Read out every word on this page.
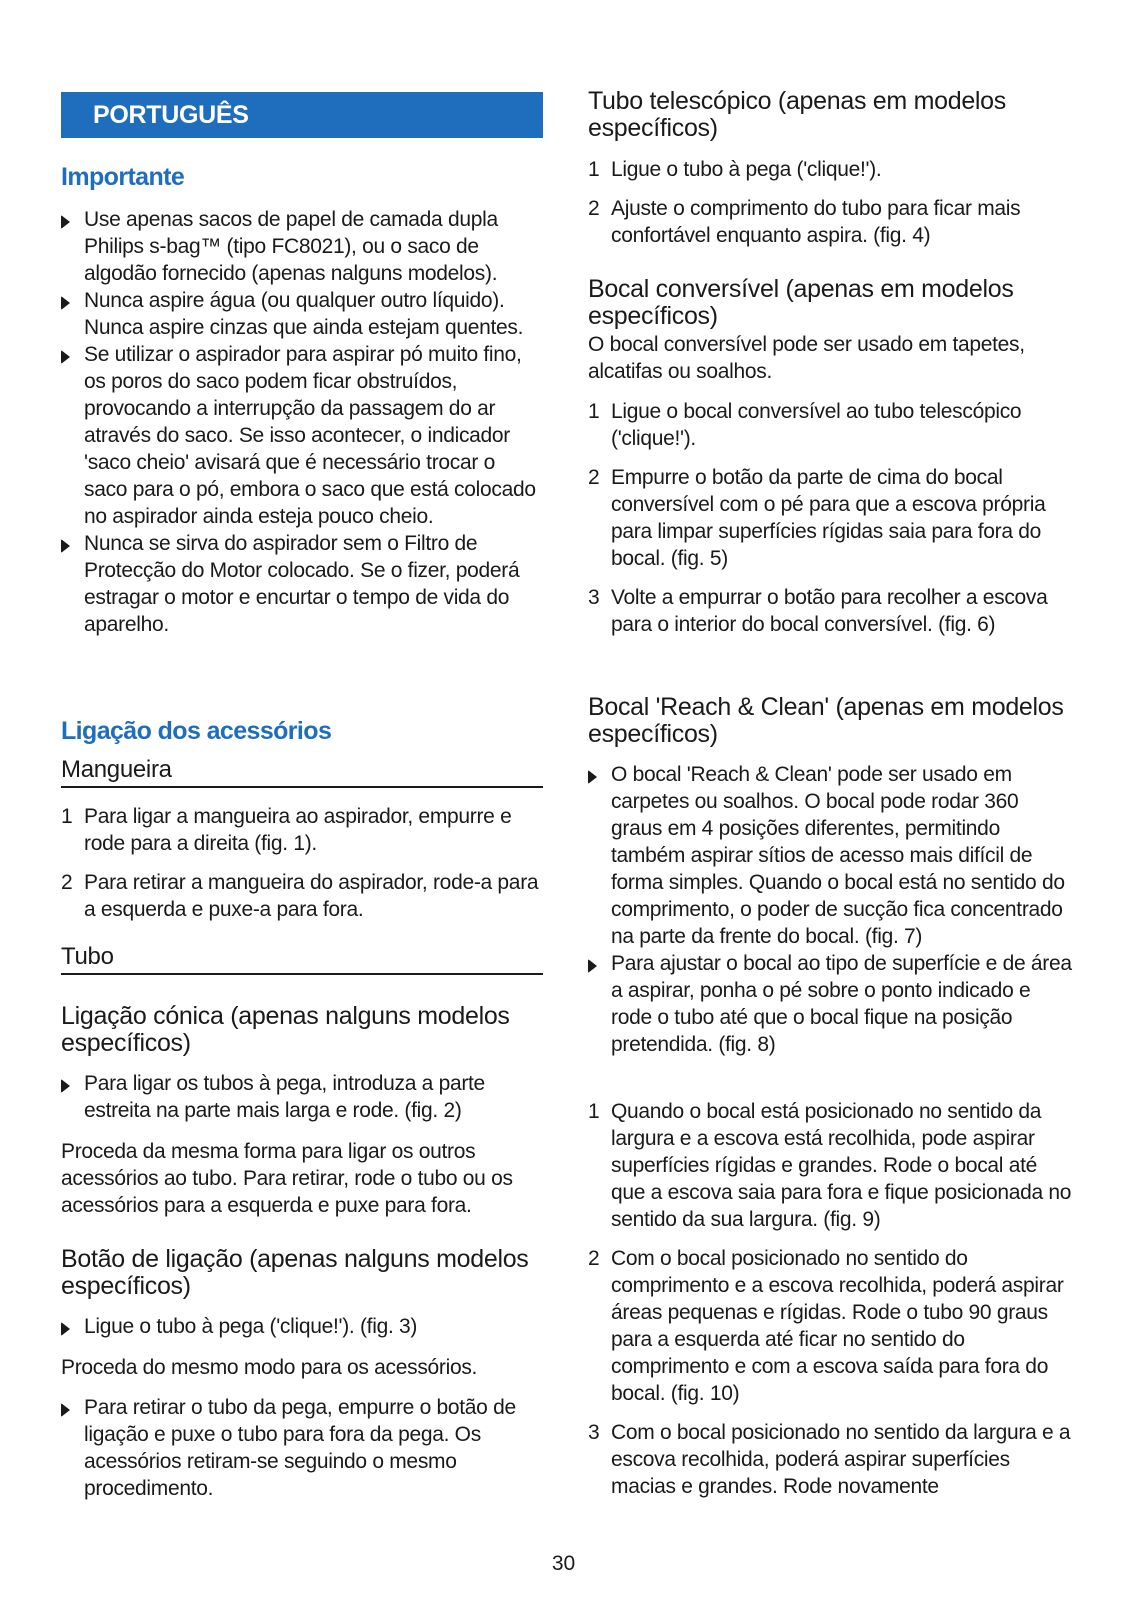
PORTUGUÊS
Importante
Use apenas sacos de papel de camada dupla Philips s-bag™ (tipo FC8021), ou o saco de algodão fornecido (apenas nalguns modelos).
Nunca aspire água (ou qualquer outro líquido). Nunca aspire cinzas que ainda estejam quentes.
Se utilizar o aspirador para aspirar pó muito fino, os poros do saco podem ficar obstruídos, provocando a interrupção da passagem do ar através do saco. Se isso acontecer, o indicador 'saco cheio' avisará que é necessário trocar o saco para o pó, embora o saco que está colocado no aspirador ainda esteja pouco cheio.
Nunca se sirva do aspirador sem o Filtro de Protecção do Motor colocado. Se o fizer, poderá estragar o motor e encurtar o tempo de vida do aparelho.
Ligação dos acessórios
Mangueira
1 Para ligar a mangueira ao aspirador, empurre e rode para a direita (fig. 1).
2 Para retirar a mangueira do aspirador, rode-a para a esquerda e puxe-a para fora.
Tubo
Ligação cónica (apenas nalguns modelos específicos)
Para ligar os tubos à pega, introduza a parte estreita na parte mais larga e rode. (fig. 2)
Proceda da mesma forma para ligar os outros acessórios ao tubo. Para retirar, rode o tubo ou os acessórios para a esquerda e puxe para fora.
Botão de ligação (apenas nalguns modelos específicos)
Ligue o tubo à pega ('clique!'). (fig. 3)
Proceda do mesmo modo para os acessórios.
Para retirar o tubo da pega, empurre o botão de ligação e puxe o tubo para fora da pega. Os acessórios retiram-se seguindo o mesmo procedimento.
Tubo telescópico (apenas em modelos específicos)
1 Ligue o tubo à pega ('clique!').
2 Ajuste o comprimento do tubo para ficar mais confortável enquanto aspira. (fig. 4)
Bocal conversível (apenas em modelos específicos)
O bocal conversível pode ser usado em tapetes, alcatifas ou soalhos.
1 Ligue o bocal conversível ao tubo telescópico ('clique!').
2 Empurre o botão da parte de cima do bocal conversível com o pé para que a escova própria para limpar superfícies rígidas saia para fora do bocal. (fig. 5)
3 Volte a empurrar o botão para recolher a escova para o interior do bocal conversível. (fig. 6)
Bocal 'Reach & Clean' (apenas em modelos específicos)
O bocal 'Reach & Clean' pode ser usado em carpetes ou soalhos. O bocal pode rodar 360 graus em 4 posições diferentes, permitindo também aspirar sítios de acesso mais difícil de forma simples. Quando o bocal está no sentido do comprimento, o poder de sucção fica concentrado na parte da frente do bocal. (fig. 7)
Para ajustar o bocal ao tipo de superfície e de área a aspirar, ponha o pé sobre o ponto indicado e rode o tubo até que o bocal fique na posição pretendida. (fig. 8)
1 Quando o bocal está posicionado no sentido da largura e a escova está recolhida, pode aspirar superfícies rígidas e grandes. Rode o bocal até que a escova saia para fora e fique posicionada no sentido da sua largura. (fig. 9)
2 Com o bocal posicionado no sentido do comprimento e a escova recolhida, poderá aspirar áreas pequenas e rígidas. Rode o tubo 90 graus para a esquerda até ficar no sentido do comprimento e com a escova saída para fora do bocal. (fig. 10)
3 Com o bocal posicionado no sentido da largura e a escova recolhida, poderá aspirar superfícies macias e grandes. Rode novamente
30
